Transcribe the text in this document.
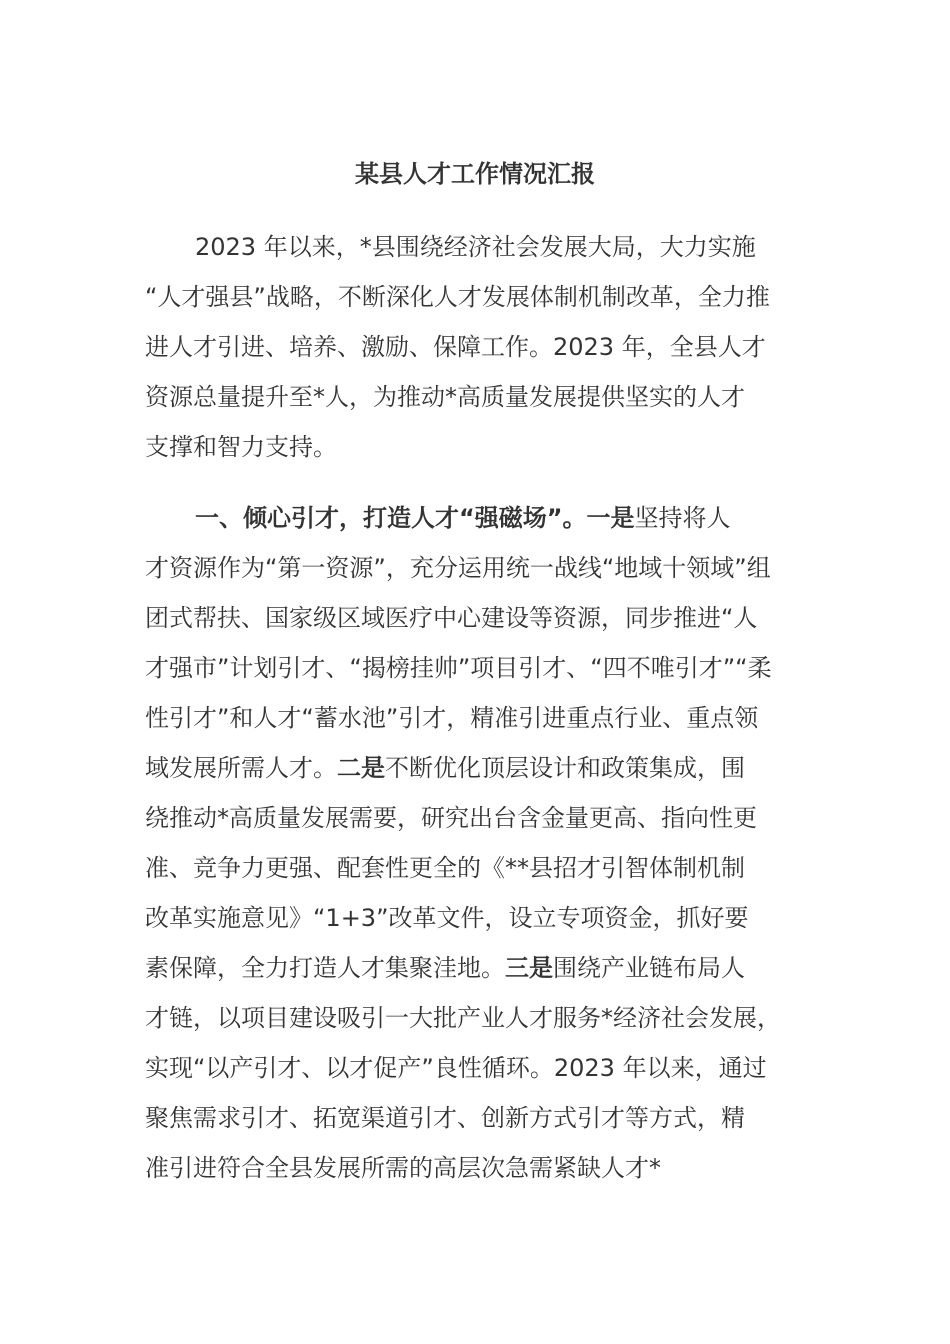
某县人才工作情况汇报
2023 年以来，*县围绕经济社会发展大局，大力实施
“人才强县”战略，不断深化人才发展体制机制改革，全力推
进人才引进、培养、激励、保障工作。2023 年，全县人才
资源总量提升至*人，为推动*高质量发展提供坚实的人才
支撑和智力支持。
一、倾心引才，打造人才“强磁场”。一是坚持将人
才资源作为“第一资源”，充分运用统一战线“地域十领域”组
团式帮扶、国家级区域医疗中心建设等资源，同步推进“人
才强市”计划引才、“揭榜挂帅”项目引才、“四不唯引才”“柔
性引才”和人才“蓄水池”引才，精准引进重点行业、重点领
域发展所需人才。二是不断优化顶层设计和政策集成，围
绕推动*高质量发展需要，研究出台含金量更高、指向性更
准、竞争力更强、配套性更全的《**县招才引智体制机制
改革实施意见》“1+3”改革文件，设立专项资金，抓好要
素保障，全力打造人才集聚洼地。三是围绕产业链布局人
才链，以项目建设吸引一大批产业人才服务*经济社会发展，
实现“以产引才、以才促产”良性循环。2023 年以来，通过
聚焦需求引才、拓宽渠道引才、创新方式引才等方式，精
准引进符合全县发展所需的高层次急需紧缺人才*
